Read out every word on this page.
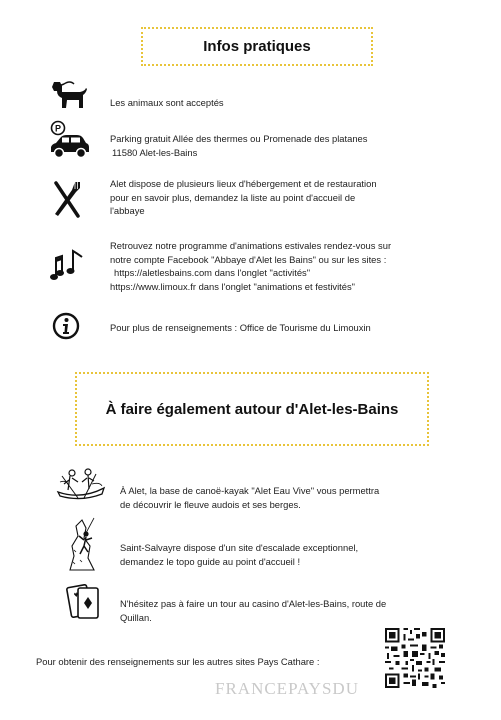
Infos pratiques

Les animaux sont acceptés

P

Parking gratuit Allée des thermes ou Promenade des platanes

11580 Alet-les-Bains

Alet dispose de plusieurs lieux d'hébergement et de restauration

pour en savoir plus, demandez la liste au point d'accueil de

l'abbaye

Retrouvez notre programme d'animations estivales rendez-vous sur

notre compte Facebook "Abbaye d'Alet les Bains" ou sur les sites :

https://aletlesbains.com dans l'onglet "activités"

https://www.limoux.fr dans l'onglet "animations et festivités"

Pour plus de renseignements : Office de Tourisme du Limouxin

À faire également autour d'Alet-les-Bains

À Alet, la base de canoë-kayak "Alet Eau Vive" vous permettra

de découvrir le fleuve audois et ses berges.

Saint-Salvayre dispose d'un site d'escalade exceptionnel,

demandez le topo guide au point d'accueil !

N'hésitez pas à faire un tour au casino d'Alet-les-Bains, route de

Quillan.

Pour obtenir des renseignements sur les autres sites Pays Cathare :
FRANCEPAYSDU
